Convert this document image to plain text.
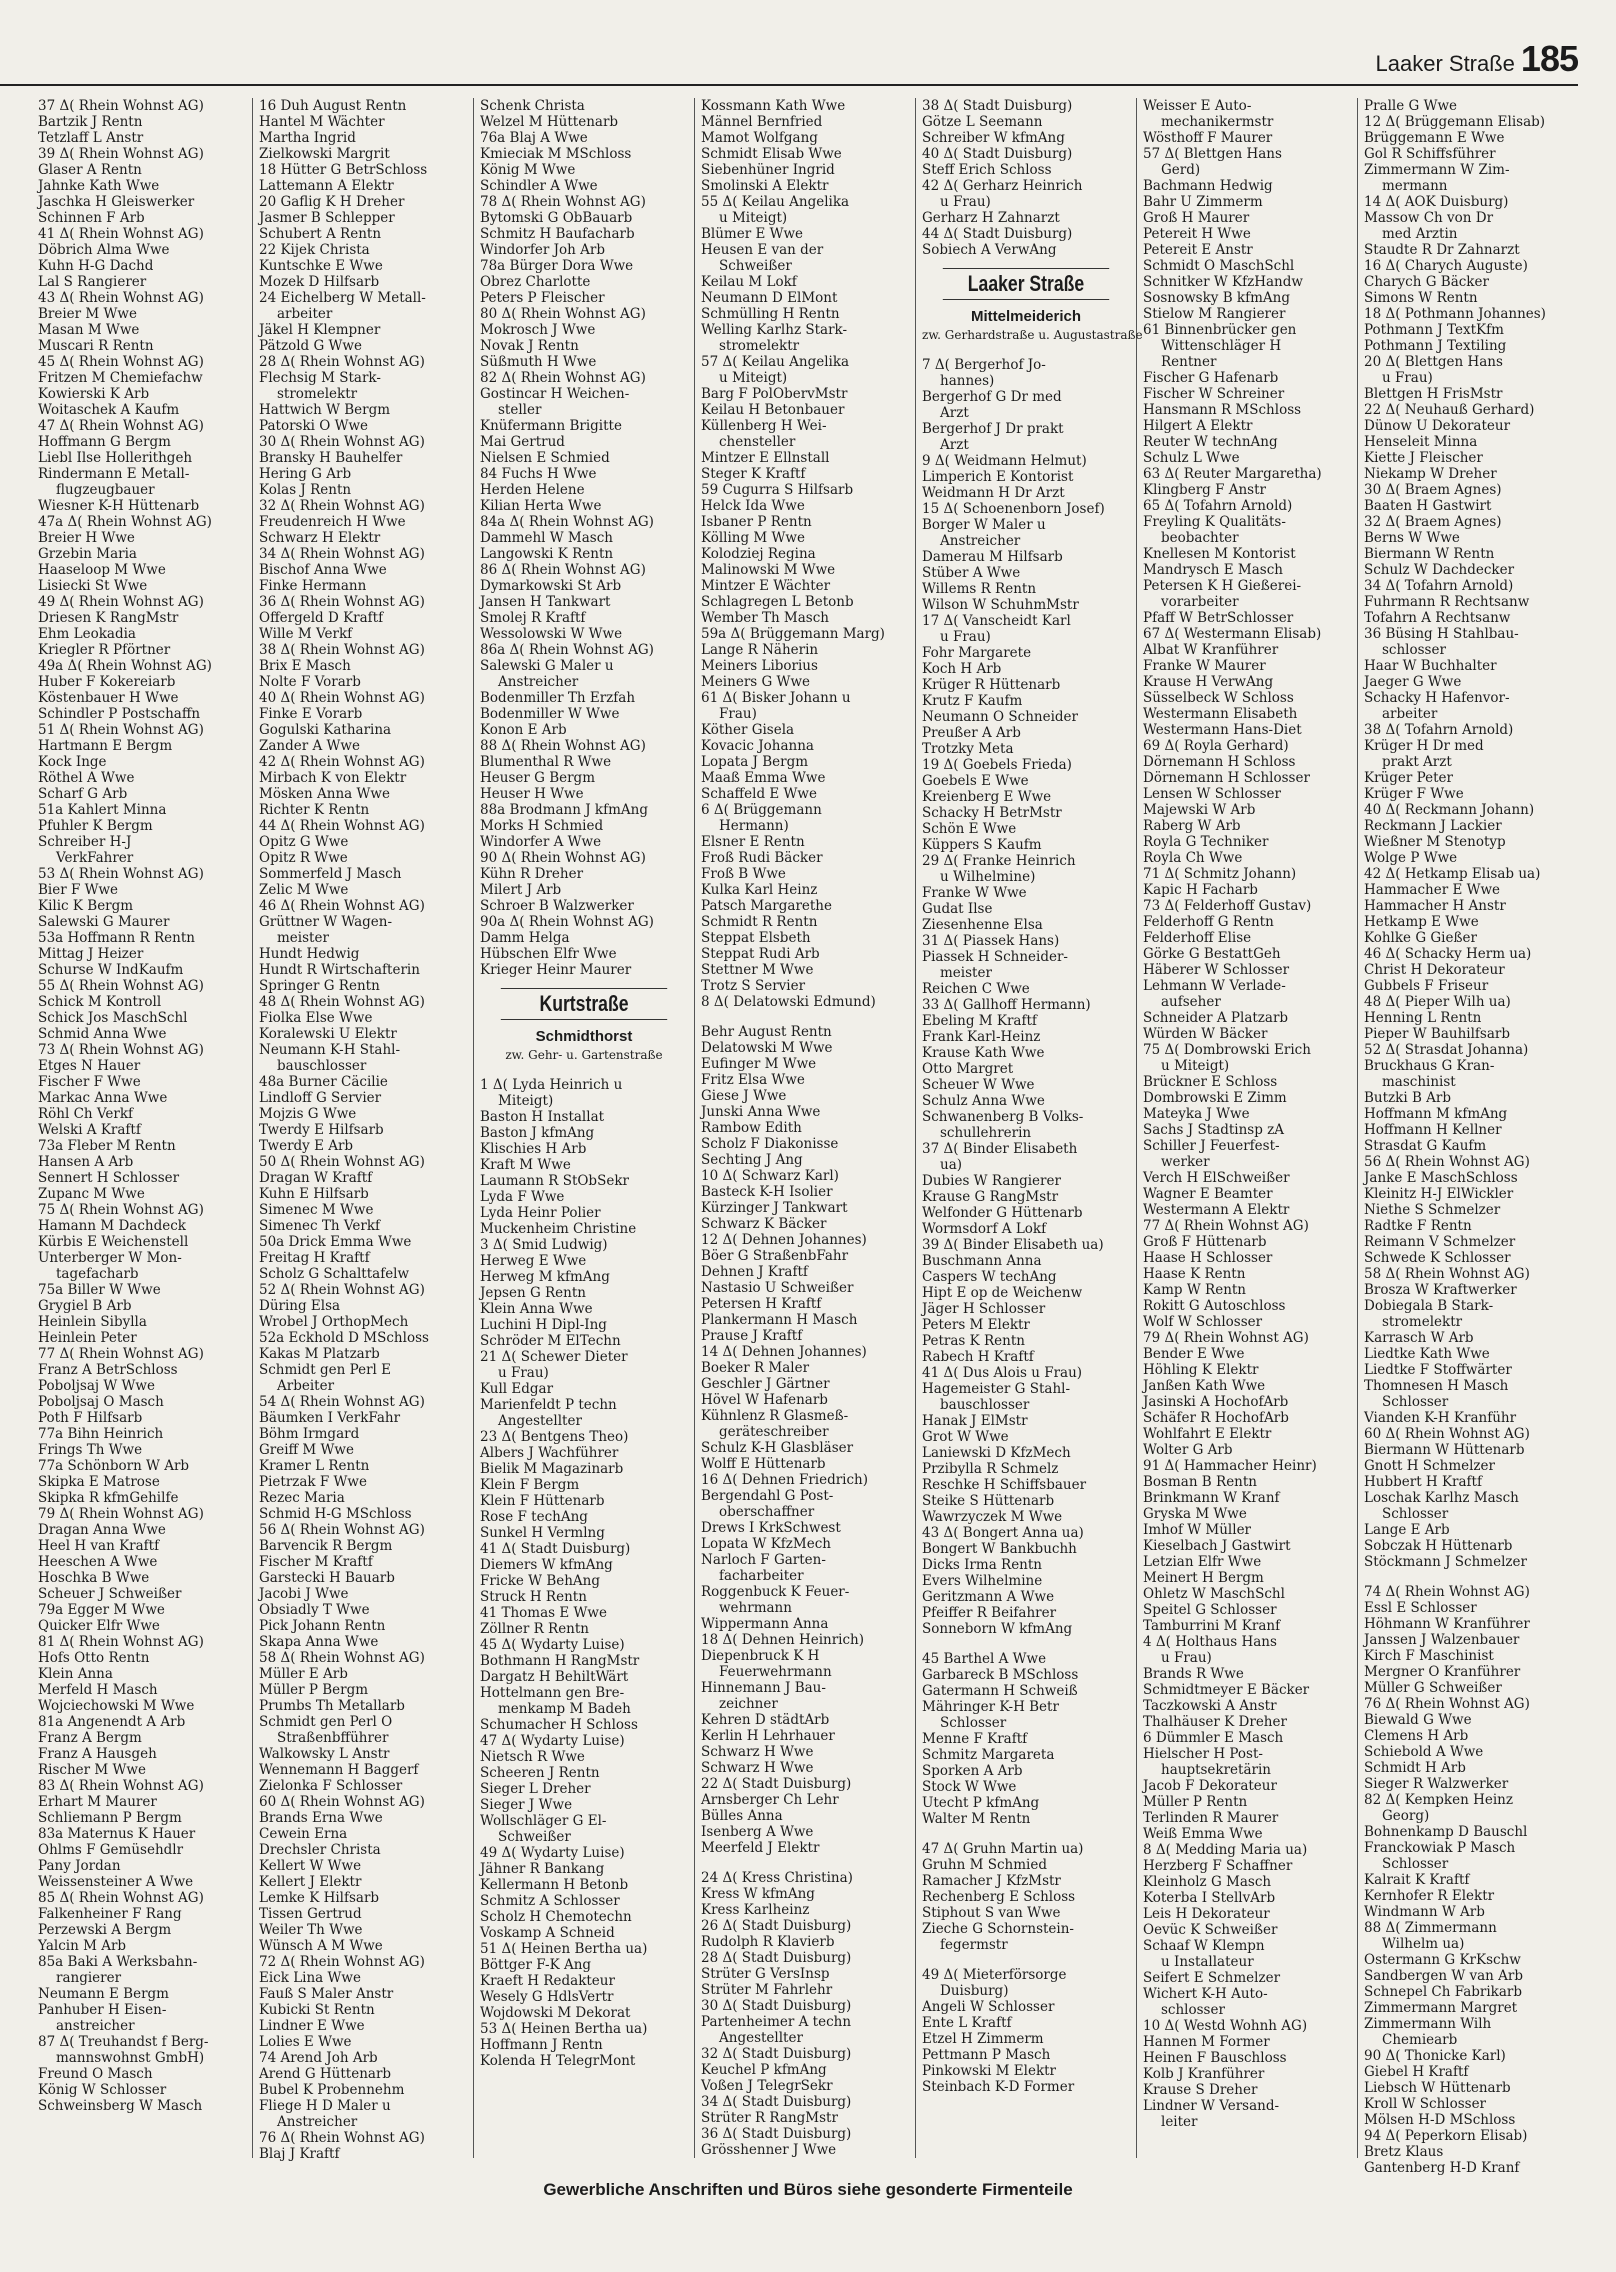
Laaker Straße 185
37 Δ( Rhein Wohnst AG)
Bartzik J Rentn
Tetzlaff L Anstr
39 Δ( Rhein Wohnst AG)
Glaser A Rentn
Jahnke Kath Wwe
Jaschka H Gleiswerker
Schinnen F Arb
41 Δ( Rhein Wohnst AG)
Döbrich Alma Wwe
Kuhn H-G Dachd
Lal S Rangierer
43 Δ( Rhein Wohnst AG)
Breier M Wwe
Masan M Wwe
Muscari R Rentn
45 Δ( Rhein Wohnst AG)
Fritzen M Chemiefachw
Kowierski K Arb
Woitaschek A Kaufm
47 Δ( Rhein Wohnst AG)
Hoffmann G Bergm
Liebl Ilse Hollerithgeh
Rindermann E Metall-
flugzeugbauer
Wiesner K-H Hüttenarb
47a Δ( Rhein Wohnst AG)
Breier H Wwe
Grzebin Maria
Haaseloop M Wwe
Lisiecki St Wwe
49 Δ( Rhein Wohnst AG)
Driesen K RangMstr
Ehm Leokadia
Kriegler R Pförtner
49a Δ( Rhein Wohnst AG)
Huber F Kokereiarb
Köstenbauer H Wwe
Schindler P Postschaffn
51 Δ( Rhein Wohnst AG)
Hartmann E Bergm
Kock Inge
Röthel A Wwe
Scharf G Arb
51a Kahlert Minna
Pfuhler K Bergm
Schreiber H-J
VerkFahrer
53 Δ( Rhein Wohnst AG)
Bier F Wwe
Kilic K Bergm
Salewski G Maurer
53a Hoffmann R Rentn
Mittag J Heizer
Schurse W IndKaufm
55 Δ( Rhein Wohnst AG)
Schick M Kontroll
Schick Jos MaschSchl
Schmid Anna Wwe
73 Δ( Rhein Wohnst AG)
Etges N Hauer
Fischer F Wwe
Markac Anna Wwe
Röhl Ch Verkf
Welski A Kraftf
73a Fleber M Rentn
Hansen A Arb
Sennert H Schlosser
Zupanc M Wwe
75 Δ( Rhein Wohnst AG)
Hamann M Dachdeck
Kürbis E Weichenstell
Unterberger W Mon-
tagefacharb
75a Biller W Wwe
Grygiel B Arb
Heinlein Sibylla
Heinlein Peter
77 Δ( Rhein Wohnst AG)
Franz A BetrSchloss
Poboljsaj W Wwe
Poboljsaj O Masch
Poth F Hilfsarb
77a Bihn Heinrich
Frings Th Wwe
77a Schönborn W Arb
Skipka E Matrose
Skipka R kfmGehilfe
79 Δ( Rhein Wohnst AG)
Dragan Anna Wwe
Heel H van Kraftf
Heeschen A Wwe
Hoschka B Wwe
Scheuer J Schweißer
79a Egger M Wwe
Quicker Elfr Wwe
81 Δ( Rhein Wohnst AG)
Hofs Otto Rentn
Klein Anna
Merfeld H Masch
Wojciechowski M Wwe
81a Angenendt A Arb
Franz A Bergm
Franz A Hausgeh
Rischer M Wwe
83 Δ( Rhein Wohnst AG)
Erhart M Maurer
Schliemann P Bergm
83a Maternus K Hauer
Ohlms F Gemüsehdlr
Pany Jordan
Weissensteiner A Wwe
85 Δ( Rhein Wohnst AG)
Falkenheiner F Rang
Perzewski A Bergm
Yalcin M Arb
85a Baki A Werksbahn-
rangierer
Neumann E Bergm
Panhuber H Eisen-
anstreicher
87 Δ( Treuhandst f Berg-
mannswohnst GmbH)
Freund O Masch
König W Schlosser
Schweinsberg W Masch
16 Duh August Rentn
Hantel M Wächter
Martha Ingrid
Zielkowski Margrit
18 Hütter G BetrSchloss
Lattemann A Elektr
20 Gaflig K H Dreher
Jasmer B Schlepper
Schubert A Rentn
22 Kijek Christa
Kuntschke E Wwe
Mozek D Hilfsarb
24 Eichelberg W Metall-
arbeiter
Jäkel H Klempner
Pätzold G Wwe
28 Δ( Rhein Wohnst AG)
Flechsig M Stark-
stromelektr
Hattwich W Bergm
Patorski O Wwe
30 Δ( Rhein Wohnst AG)
Bransky H Bauhelfer
Hering G Arb
Kolas J Rentn
32 Δ( Rhein Wohnst AG)
Freudenreich H Wwe
Schwarz H Elektr
34 Δ( Rhein Wohnst AG)
Bischof Anna Wwe
Finke Hermann
36 Δ( Rhein Wohnst AG)
Offergeld D Kraftf
Wille M Verkf
38 Δ( Rhein Wohnst AG)
Brix E Masch
Nolte F Vorarb
40 Δ( Rhein Wohnst AG)
Finke E Vorarb
Gogulski Katharina
Zander A Wwe
42 Δ( Rhein Wohnst AG)
Mirbach K von Elektr
Mösken Anna Wwe
Richter K Rentn
44 Δ( Rhein Wohnst AG)
Opitz G Wwe
Opitz R Wwe
Sommerfeld J Masch
Zelic M Wwe
46 Δ( Rhein Wohnst AG)
Grüttner W Wagen-
meister
Hundt Hedwig
Hundt R Wirtschafterin
Springer G Rentn
48 Δ( Rhein Wohnst AG)
Fiolka Else Wwe
Koralewski U Elektr
Neumann K-H Stahl-
bauschlosser
48a Burner Cäcilie
Lindloff G Servier
Mojzis G Wwe
Twerdy E Hilfsarb
Twerdy E Arb
50 Δ( Rhein Wohnst AG)
Dragan W Kraftf
Kuhn E Hilfsarb
Simenec M Wwe
Simenec Th Verkf
50a Drick Emma Wwe
Freitag H Kraftf
Scholz G Schalttafelw
52 Δ( Rhein Wohnst AG)
Düring Elsa
Wrobel J OrthopMech
52a Eckhold D MSchloss
Kakas M Platzarb
Schmidt gen Perl E
Arbeiter
54 Δ( Rhein Wohnst AG)
Bäumken I VerkFahr
Böhm Irmgard
Greiff M Wwe
Kramer L Rentn
Pietrzak F Wwe
Rezec Maria
Schmid H-G MSchloss
56 Δ( Rhein Wohnst AG)
Barvencik R Bergm
Fischer M Kraftf
Garstecki H Bauarb
Jacobi J Wwe
Obsiadly T Wwe
Pick Johann Rentn
Skapa Anna Wwe
58 Δ( Rhein Wohnst AG)
Müller E Arb
Müller P Bergm
Prumbs Th Metallarb
Schmidt gen Perl O
Straßenbfführer
Walkowsky L Anstr
Wennemann H Baggerf
Zielonka F Schlosser
60 Δ( Rhein Wohnst AG)
Brands Erna Wwe
Cewein Erna
Drechsler Christa
Kellert W Wwe
Kellert J Elektr
Lemke K Hilfsarb
Tissen Gertrud
Weiler Th Wwe
Wünsch A M Wwe
72 Δ( Rhein Wohnst AG)
Eick Lina Wwe
Fauß S Maler Anstr
Kubicki St Rentn
Lindner E Wwe
Lolies E Wwe
74 Arend Joh Arb
Arend G Hüttenarb
Bubel K Probennehm
Fliege H D Maler u
Anstreicher
76 Δ( Rhein Wohnst AG)
Blaj J Kraftf
Schenk Christa
Welzel M Hüttenarb
76a Blaj A Wwe
Kmieciak M MSchloss
König M Wwe
Schindler A Wwe
78 Δ( Rhein Wohnst AG)
Bytomski G ObBauarb
Schmitz H Baufacharb
Windorfer Joh Arb
78a Bürger Dora Wwe
Obrez Charlotte
Peters P Fleischer
80 Δ( Rhein Wohnst AG)
Mokrosch J Wwe
Novak J Rentn
Süßmuth H Wwe
82 Δ( Rhein Wohnst AG)
Gostincar H Weichen-
steller
Knüfermann Brigitte
Mai Gertrud
Nielsen E Schmied
84 Fuchs H Wwe
Herden Helene
Kilian Herta Wwe
84a Δ( Rhein Wohnst AG)
Dammehl W Masch
Langowski K Rentn
86 Δ( Rhein Wohnst AG)
Dymarkowski St Arb
Jansen H Tankwart
Smolej R Kraftf
Wessolowski W Wwe
86a Δ( Rhein Wohnst AG)
Salewski G Maler u
Anstreicher
Bodenmiller Th Erzfah
Bodenmiller W Wwe
Konon E Arb
88 Δ( Rhein Wohnst AG)
Blumenthal R Wwe
Heuser G Bergm
Heuser H Wwe
88a Brodmann J kfmAng
Morks H Schmied
Windorfer A Wwe
90 Δ( Rhein Wohnst AG)
Kühn R Dreher
Milert J Arb
Schroer B Walzwerker
90a Δ( Rhein Wohnst AG)
Damm Helga
Hübschen Elfr Wwe
Krieger Heinr Maurer
Kurtstraße
Schmidthorst
zw. Gehr- u. Gartenstraße
1 Δ( Lyda Heinrich u
Miteigt)
Baston H Installat
Baston J kfmAng
Klischies H Arb
Kraft M Wwe
Laumann R StObSekr
Lyda F Wwe
Lyda Heinr Polier
Muckenheim Christine
3 Δ( Smid Ludwig)
Herweg E Wwe
Herweg M kfmAng
Jepsen G Rentn
Klein Anna Wwe
Luchini H Dipl-Ing
Schröder M ElTechn
21 Δ( Schewer Dieter
u Frau)
Kull Edgar
Marienfeldt P techn
Angestellter
23 Δ( Bentgens Theo)
Albers J Wachführer
Bielik M Magazinarb
Klein F Bergm
Klein F Hüttenarb
Rose F techAng
Sunkel H Vermlng
41 Δ( Stadt Duisburg)
Diemers W kfmAng
Fricke W BehAng
Struck H Rentn
41 Thomas E Wwe
Zöllner R Rentn
45 Δ( Wydarty Luise)
Bothmann H RangMstr
Dargatz H BehiltWärt
Hottelmann gen Bre-
menkamp M Badeh
Schumacher H Schloss
47 Δ( Wydarty Luise)
Nietsch R Wwe
Scheeren J Rentn
Sieger L Dreher
Sieger J Wwe
Wollschläger G El-
Schweißer
49 Δ( Wydarty Luise)
Jähner R Bankang
Kellermann H Betonb
Schmitz A Schlosser
Scholz H Chemotechn
Voskamp A Schneid
51 Δ( Heinen Bertha ua)
Böttger F-K Ang
Kraeft H Redakteur
Wesely G HdlsVertr
Wojdowski M Dekorat
53 Δ( Heinen Bertha ua)
Hoffmann J Rentn
Kolenda H TelegrMont
Kossmann Kath Wwe
Männel Bernfried
Mamot Wolfgang
Schmidt Elisab Wwe
Siebenhüner Ingrid
Smolinski A Elektr
55 Δ( Keilau Angelika
u Miteigt)
Blümer E Wwe
Heusen E van der
Schweißer
Keilau M Lokf
Neumann D ElMont
Schmülling H Rentn
Welling Karlhz Stark-
stromelektr
57 Δ( Keilau Angelika
u Miteigt)
Barg F PolObervMstr
Keilau H Betonbauer
Küllenberg H Wei-
chensteller
Mintzer E Ellnstall
Steger K Kraftf
59 Cugurra S Hilfsarb
Helck Ida Wwe
Isbaner P Rentn
Kölling M Wwe
Kolodziej Regina
Malinowski M Wwe
Mintzer E Wächter
Schlagregen L Betonb
Wember Th Masch
59a Δ( Brüggemann Marg)
Lange R Näherin
Meiners Liborius
Meiners G Wwe
61 Δ( Bisker Johann u
Frau)
Köther Gisela
Kovacic Johanna
Lopata J Bergm
Maaß Emma Wwe
Schaffeld E Wwe
6 Δ( Brüggemann
Hermann)
Elsner E Rentn
Froß Rudi Bäcker
Froß B Wwe
Kulka Karl Heinz
Patsch Margarethe
Schmidt R Rentn
Steppat Elsbeth
Steppat Rudi Arb
Stettner M Wwe
Trotz S Servier
8 Δ( Delatowski Edmund)
Behr August Rentn
Delatowski M Wwe
Eufinger M Wwe
Fritz Elsa Wwe
Giese J Wwe
Junski Anna Wwe
Rambow Edith
Scholz F Diakonisse
Sechting J Ang
10 Δ( Schwarz Karl)
Basteck K-H Isolier
Kürzinger J Tankwart
Schwarz K Bäcker
12 Δ( Dehnen Johannes)
Böer G StraßenbFahr
Dehnen J Kraftf
Nastasio U Schweißer
Petersen H Kraftf
Plankermann H Masch
Prause J Kraftf
14 Δ( Dehnen Johannes)
Boeker R Maler
Geschler J Gärtner
Hövel W Hafenarb
Kühnlenz R Glasmeß-
geräteschreiber
Schulz K-H Glasbläser
Wolff E Hüttenarb
16 Δ( Dehnen Friedrich)
Bergendahl G Post-
oberschaffner
Drews I KrkSchwest
Lopata W KfzMech
Narloch F Garten-
facharbeiter
Roggenbuck K Feuer-
wehrmann
Wippermann Anna
18 Δ( Dehnen Heinrich)
Diepenbruck K H
Feuerwehrmann
Hinnemann J Bau-
zeichner
Kehren D städtArb
Kerlin H Lehrhauer
Schwarz H Wwe
Schwarz H Wwe
22 Δ( Stadt Duisburg)
Arnsberger Ch Lehr
Bülles Anna
Isenberg A Wwe
Meerfeld J Elektr
24 Δ( Kress Christina)
Kress W kfmAng
Kress Karlheinz
26 Δ( Stadt Duisburg)
Rudolph R Klavierb
28 Δ( Stadt Duisburg)
Strüter G VersInsp
Strüter M Fahrlehr
30 Δ( Stadt Duisburg)
Partenheimer A techn
Angestellter
32 Δ( Stadt Duisburg)
Keuchel P kfmAng
Voßen J TelegrSekr
34 Δ( Stadt Duisburg)
Strüter R RangMstr
36 Δ( Stadt Duisburg)
Grösshenner J Wwe
38 Δ( Stadt Duisburg)
Götze L Seemann
Schreiber W kfmAng
40 Δ( Stadt Duisburg)
Steff Erich Schloss
42 Δ( Gerharz Heinrich
u Frau)
Gerharz H Zahnarzt
44 Δ( Stadt Duisburg)
Sobiech A VerwAng
Laaker Straße
Mittelmeiderich
zw. Gerhardstraße u. Augustastraße
7 Δ( Bergerhof Jo-
hannes)
Bergerhof G Dr med
Arzt
Bergerhof J Dr prakt
Arzt
9 Δ( Weidmann Helmut)
Limperich E Kontorist
Weidmann H Dr Arzt
15 Δ( Schoenenborn Josef)
Borger W Maler u
Anstreicher
Damerau M Hilfsarb
Stüber A Wwe
Willems R Rentn
Wilson W SchuhmMstr
17 Δ( Vanscheidt Karl
u Frau)
Fohr Margarete
Koch H Arb
Krüger R Hüttenarb
Krutz F Kaufm
Neumann O Schneider
Preußer A Arb
Trotzky Meta
19 Δ( Goebels Frieda)
Goebels E Wwe
Kreienberg E Wwe
Schacky H BetrMstr
Schön E Wwe
Küppers S Kaufm
29 Δ( Franke Heinrich
u Wilhelmine)
Franke W Wwe
Gudat Ilse
Ziesenhenne Elsa
31 Δ( Piassek Hans)
Piassek H Schneider-
meister
Reichen C Wwe
33 Δ( Gallhoff Hermann)
Ebeling M Kraftf
Frank Karl-Heinz
Krause Kath Wwe
Otto Margret
Scheuer W Wwe
Schulz Anna Wwe
Schwanenberg B Volks-
schullehrerin
37 Δ( Binder Elisabeth
ua)
Dubies W Rangierer
Krause G RangMstr
Welfonder G Hüttenarb
Wormsdorf A Lokf
39 Δ( Binder Elisabeth ua)
Buschmann Anna
Caspers W techAng
Hipt E op de Weichenw
Jäger H Schlosser
Peters M Elektr
Petras K Rentn
Rabech H Kraftf
41 Δ( Dus Alois u Frau)
Hagemeister G Stahl-
bauschlosser
Hanak J ElMstr
Grot W Wwe
Laniewski D KfzMech
Przibylla R Schmelz
Reschke H Schiffsbauer
Steike S Hüttenarb
Wawrzyczek M Wwe
43 Δ( Bongert Anna ua)
Bongert W Bankbuchh
Dicks Irma Rentn
Evers Wilhelmine
Geritzmann A Wwe
Pfeiffer R Beifahrer
Sonneborn W kfmAng
45 Barthel A Wwe
Garbareck B MSchloss
Gatermann H Schweiß
Mähringer K-H Betr
Schlosser
Menne F Kraftf
Schmitz Margareta
Sporken A Arb
Stock W Wwe
Utecht P kfmAng
Walter M Rentn
47 Δ( Gruhn Martin ua)
Gruhn M Schmied
Ramacher J KfzMstr
Rechenberg E Schloss
Stiphout S van Wwe
Zieche G Schornstein-
fegermstr
49 Δ( Mieterförsorge
Duisburg)
Angeli W Schlosser
Ente L Kraftf
Etzel H Zimmerm
Pettmann P Masch
Pinkowski M Elektr
Steinbach K-D Former
Weisser E Auto-
mechanikermstr
Wösthoff F Maurer
57 Δ( Blettgen Hans
Gerd)
Bachmann Hedwig
Bahr U Zimmerm
Groß H Maurer
Petereit H Wwe
Petereit E Anstr
Schmidt O MaschSchl
Schnitker W KfzHandw
Sosnowsky B kfmAng
Stielow M Rangierer
61 Binnenbrücker gen
Wittenschläger H
Rentner
Fischer G Hafenarb
Fischer W Schreiner
Hansmann R MSchloss
Hilgert A Elektr
Reuter W technAng
Schulz L Wwe
63 Δ( Reuter Margaretha)
Klingberg F Anstr
65 Δ( Tofahrn Arnold)
Freyling K Qualitäts-
beobachter
Knellesen M Kontorist
Mandrysch E Masch
Petersen K H Gießerei-
vorarbeiter
Pfaff W BetrSchlosser
67 Δ( Westermann Elisab)
Albat W Kranführer
Franke W Maurer
Krause H VerwAng
Süsselbeck W Schloss
Westermann Elisabeth
Westermann Hans-Diet
69 Δ( Royla Gerhard)
Dörnemann H Schloss
Dörnemann H Schlosser
Lensen W Schlosser
Majewski W Arb
Raberg W Arb
Royla G Techniker
Royla Ch Wwe
71 Δ( Schmitz Johann)
Kapic H Facharb
73 Δ( Felderhoff Gustav)
Felderhoff G Rentn
Felderhoff Elise
Görke G BestattGeh
Häberer W Schlosser
Lehmann W Verlade-
aufseher
Schneider A Platzarb
Würden W Bäcker
75 Δ( Dombrowski Erich
u Miteigt)
Brückner E Schloss
Dombrowski E Zimm
Mateyka J Wwe
Sachs J Stadtinsp zA
Schiller J Feuerfest-
werker
Verch H ElSchweißer
Wagner E Beamter
Westermann A Elektr
77 Δ( Rhein Wohnst AG)
Groß F Hüttenarb
Haase H Schlosser
Haase K Rentn
Kamp W Rentn
Rokitt G Autoschloss
Wolf W Schlosser
79 Δ( Rhein Wohnst AG)
Bender E Wwe
Höhling K Elektr
Janßen Kath Wwe
Jasinski A HochofArb
Schäfer R HochofArb
Wohlfahrt E Elektr
Wolter G Arb
91 Δ( Hammacher Heinr)
Bosman B Rentn
Brinkmann W Kranf
Gryska M Wwe
Imhof W Müller
Kieselbach J Gastwirt
Letzian Elfr Wwe
Meinert H Bergm
Ohletz W MaschSchl
Speitel G Schlosser
Tamburrini M Kranf
4 Δ( Holthaus Hans
u Frau)
Brands R Wwe
Schmidtmeyer E Bäcker
Taczkowski A Anstr
Thalhäuser K Dreher
6 Dümmler E Masch
Hielscher H Post-
hauptsekretärin
Jacob F Dekorateur
Müller P Rentn
Terlinden R Maurer
Weiß Emma Wwe
8 Δ( Medding Maria ua)
Herzberg F Schaffner
Kleinholz G Masch
Koterba I StellvArb
Leis H Dekorateur
Oevüc K Schweißer
Schaaf W Klempn
u Installateur
Seifert E Schmelzer
Wichert K-H Auto-
schlosser
10 Δ( Westd Wohnh AG)
Hannen M Former
Heinen F Bauschloss
Kolb J Kranführer
Krause S Dreher
Lindner W Versand-
leiter
Pralle G Wwe
12 Δ( Brüggemann Elisab)
Brüggemann E Wwe
Gol R Schiffsführer
Zimmermann W Zim-
mermann
14 Δ( AOK Duisburg)
Massow Ch von Dr
med Arztin
Staudte R Dr Zahnarzt
16 Δ( Charych Auguste)
Charych G Bäcker
Simons W Rentn
18 Δ( Pothmann Johannes)
Pothmann J TextKfm
Pothmann J Textiling
20 Δ( Blettgen Hans
u Frau)
Blettgen H FrisMstr
22 Δ( Neuhauß Gerhard)
Dünow U Dekorateur
Henseleit Minna
Kiette J Fleischer
Niekamp W Dreher
30 Δ( Braem Agnes)
Baaten H Gastwirt
32 Δ( Braem Agnes)
Berns W Wwe
Biermann W Rentn
Schulz W Dachdecker
34 Δ( Tofahrn Arnold)
Fuhrmann R Rechtsanw
Tofahrn A Rechtsanw
36 Büsing H Stahlbau-
schlosser
Haar W Buchhalter
Jaeger G Wwe
Schacky H Hafenvor-
arbeiter
38 Δ( Tofahrn Arnold)
Krüger H Dr med
prakt Arzt
Krüger Peter
Krüger F Wwe
40 Δ( Reckmann Johann)
Reckmann J Lackier
Wießner M Stenotyp
Wolge P Wwe
42 Δ( Hetkamp Elisab ua)
Hammacher E Wwe
Hammacher H Anstr
Hetkamp E Wwe
Kohlke G Gießer
46 Δ( Schacky Herm ua)
Christ H Dekorateur
Gubbels F Friseur
48 Δ( Pieper Wilh ua)
Henning L Rentn
Pieper W Bauhilfsarb
52 Δ( Strasdat Johanna)
Bruckhaus G Kran-
maschinist
Butzki B Arb
Hoffmann M kfmAng
Hoffmann H Kellner
Strasdat G Kaufm
56 Δ( Rhein Wohnst AG)
Janke E MaschSchloss
Kleinitz H-J ElWickler
Niethe S Schmelzer
Radtke F Rentn
Reimann V Schmelzer
Schwede K Schlosser
58 Δ( Rhein Wohnst AG)
Brosza W Kraftwerker
Dobiegala B Stark-
stromelektr
Karrasch W Arb
Liedtke Kath Wwe
Liedtke F Stoffwärter
Thomnesen H Masch
Schlosser
Vianden K-H Kranführ
60 Δ( Rhein Wohnst AG)
Biermann W Hüttenarb
Gnott H Schmelzer
Hubbert H Kraftf
Loschak Karlhz Masch
Schlosser
Lange E Arb
Sobczak H Hüttenarb
Stöckmann J Schmelzer
74 Δ( Rhein Wohnst AG)
Essl E Schlosser
Höhmann W Kranführer
Janssen J Walzenbauer
Kirch F Maschinist
Mergner O Kranführer
Müller G Schweißer
76 Δ( Rhein Wohnst AG)
Biewald G Wwe
Clemens H Arb
Schiebold A Wwe
Schmidt H Arb
Sieger R Walzwerker
82 Δ( Kempken Heinz
Georg)
Bohnenkamp D Bauschl
Franckowiak P Masch
Schlosser
Kalrait K Kraftf
Kernhofer R Elektr
Windmann W Arb
88 Δ( Zimmermann
Wilhelm ua)
Ostermann G KrKschw
Sandbergen W van Arb
Schnepel Ch Fabrikarb
Zimmermann Margret
Zimmermann Wilh
Chemiearb
90 Δ( Thonicke Karl)
Giebel H Kraftf
Liebsch W Hüttenarb
Kroll W Schlosser
Mölsen H-D MSchloss
94 Δ( Peperkorn Elisab)
Bretz Klaus
Gantenberg H-D Kranf
Gewerbliche Anschriften und Büros siehe gesonderte Firmenteile
